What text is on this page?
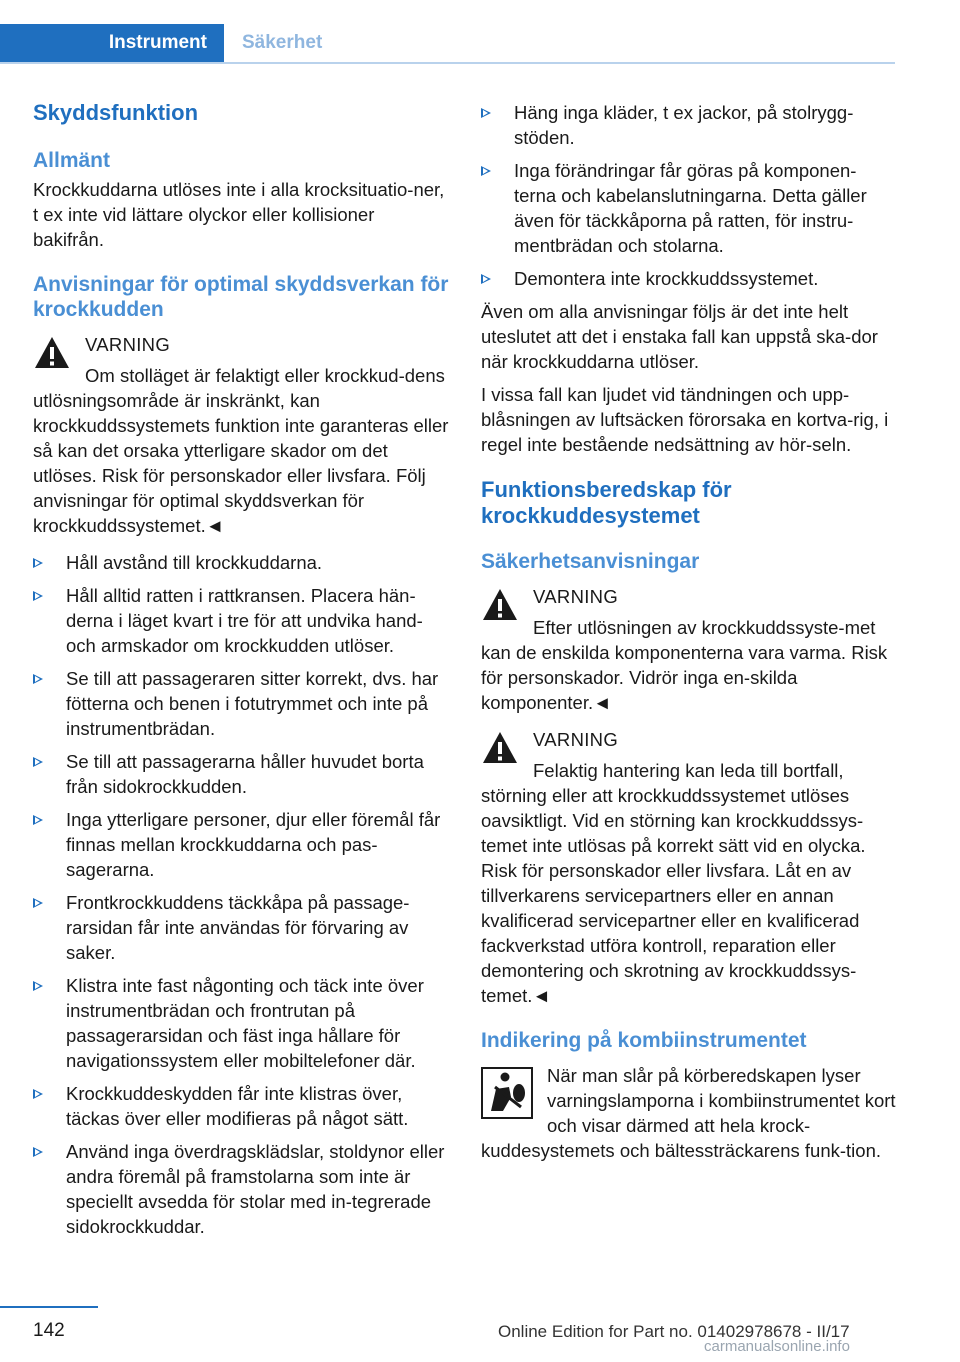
Instrument	Säkerhet
Skyddsfunktion
Allmänt

Krockkuddarna utlöses inte i alla krocksituatio-ner, t ex inte vid lättare olyckor eller kollisioner bakifrån.

Anvisningar för optimal skyddsverkan för krockkudden
VARNING
Om stolläget är felaktigt eller krockkud-dens utlösningsområde är inskränkt, kan krockkuddssystemets funktion inte garanteras eller så kan det orsaka ytterligare skador om det utlöses. Risk för personskador eller livsfara. Följ anvisningar för optimal skyddsverkan för krockkuddssystemet.◄
Håll avstånd till krockkuddarna.
Håll alltid ratten i rattkransen. Placera hän-derna i läget kvart i tre för att undvika hand- och armskador om krockkudden utlöser.
Se till att passageraren sitter korrekt, dvs. har fötterna och benen i fotutrymmet och inte på instrumentbrädan.
Se till att passagerarna håller huvudet borta från sidokrockkudden.
Inga ytterligare personer, djur eller föremål får finnas mellan krockkuddarna och pas-sagerarna.
Frontkrockkuddens täckkåpa på passage-rarsidan får inte användas för förvaring av saker.
Klistra inte fast någonting och täck inte över instrumentbrädan och frontrutan på passagerarsidan och fäst inga hållare för navigationssystem eller mobiltelefoner där.
Krockkuddeskydden får inte klistras över, täckas över eller modifieras på något sätt.
Använd inga överdragsklädslar, stoldynor eller andra föremål på framstolarna som inte är speciellt avsedda för stolar med in-tegrerade sidokrockkuddar.
Häng inga kläder, t ex jackor, på stolrygg-stöden.
Inga förändringar får göras på komponen-terna och kabelanslutningarna. Detta gäller även för täckkåporna på ratten, för instru-mentbrädan och stolarna.
Demontera inte krockkuddssystemet.

Även om alla anvisningar följs är det inte helt uteslutet att det i enstaka fall kan uppstå ska-dor när krockkuddarna utlöser.

I vissa fall kan ljudet vid tändningen och upp-blåsningen av luftsäcken förorsaka en kortva-rig, i regel inte bestående nedsättning av hör-seln.

Funktionsberedskap för krockkuddesystemet
Säkerhetsanvisningar
VARNING
Efter utlösningen av krockkuddssyste-met kan de enskilda komponenterna vara varma. Risk för personskador. Vidrör inga en-skilda komponenter.◄
VARNING
Felaktig hantering kan leda till bortfall, störning eller att krockkuddssystemet utlöses oavsiktligt. Vid en störning kan krockkuddssys-temet inte utlösas på korrekt sätt vid en olycka. Risk för personskador eller livsfara. Låt en av tillverkarens servicepartners eller en annan kvalificerad servicepartner eller en kvalificerad fackverkstad utföra kontroll, reparation eller demontering och skrotning av krockkuddssys-temet.◄
Indikering på kombiinstrumentet
När man slår på körberedskapen lyser varningslamporna i kombiinstrumentet kort och visar därmed att hela krock-kuddesystemets och bältessträckarens funk-tion.
142	Online Edition for Part no. 01402978678 - II/17
carmanualsonline.info
